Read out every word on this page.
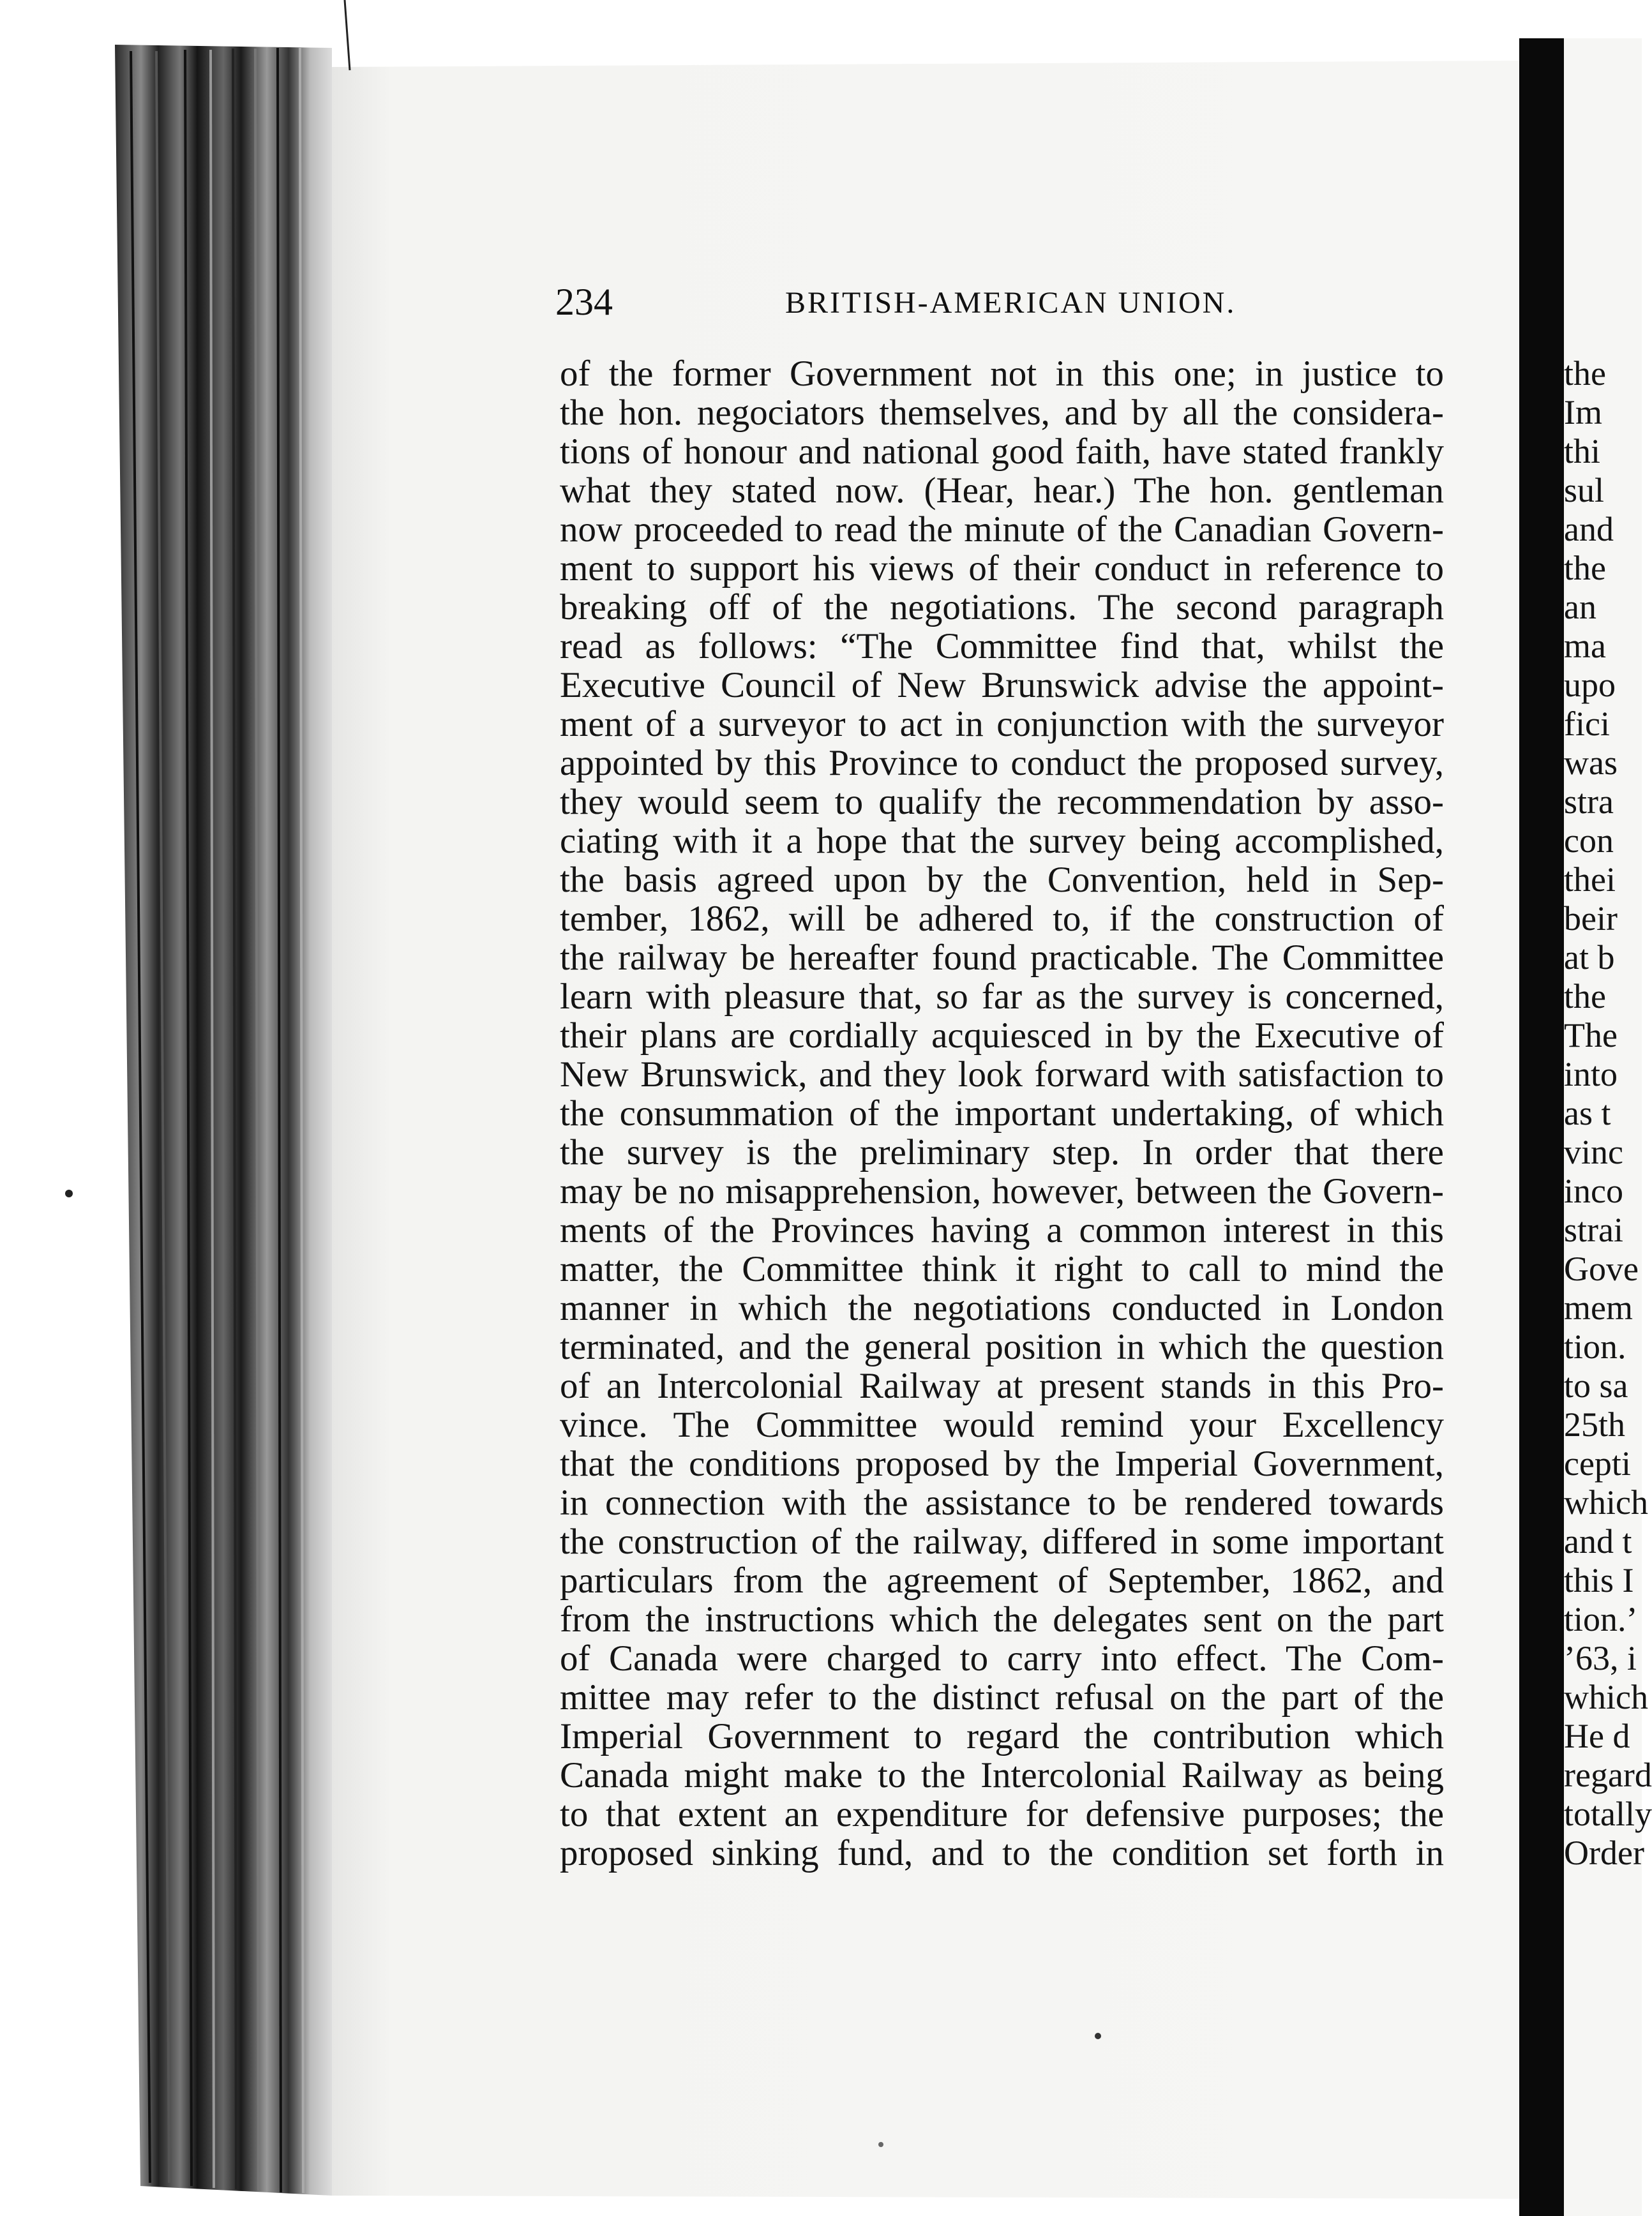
234	BRITISH-AMERICAN UNION.
of the former Government not in this one; in justice to
the hon. negociators themselves, and by all the considera-
tions of honour and national good faith, have stated frankly
what they stated now. (Hear, hear.) The hon. gentleman
now proceeded to read the minute of the Canadian Govern-
ment to support his views of their conduct in reference to
breaking off of the negotiations. The second paragraph
read as follows: “The Committee find that, whilst the
Executive Council of New Brunswick advise the appoint-
ment of a surveyor to act in conjunction with the surveyor
appointed by this Province to conduct the proposed survey,
they would seem to qualify the recommendation by asso-
ciating with it a hope that the survey being accomplished,
the basis agreed upon by the Convention, held in Sep-
tember, 1862, will be adhered to, if the construction of
the railway be hereafter found practicable. The Committee
learn with pleasure that, so far as the survey is concerned,
their plans are cordially acquiesced in by the Executive of
New Brunswick, and they look forward with satisfaction to
the consummation of the important undertaking, of which
the survey is the preliminary step. In order that there
may be no misapprehension, however, between the Govern-
ments of the Provinces having a common interest in this
matter, the Committee think it right to call to mind the
manner in which the negotiations conducted in London
terminated, and the general position in which the question
of an Intercolonial Railway at present stands in this Pro-
vince. The Committee would remind your Excellency
that the conditions proposed by the Imperial Government,
in connection with the assistance to be rendered towards
the construction of the railway, differed in some important
particulars from the agreement of September, 1862, and
from the instructions which the delegates sent on the part
of Canada were charged to carry into effect. The Com-
mittee may refer to the distinct refusal on the part of the
Imperial Government to regard the contribution which
Canada might make to the Intercolonial Railway as being
to that extent an expenditure for defensive purposes; the
proposed sinking fund, and to the condition set forth in
the
Im
thi
sul
and
the
an
ma
upo
fici
was
stra
con
thei
beir
at b
the
The
into
as t
vinc
inco
strai
Gove
mem
tion.
to sa
25th
cepti
which
and t
this I
tion.’
’63, i
which
He d
regard
totally
Order
